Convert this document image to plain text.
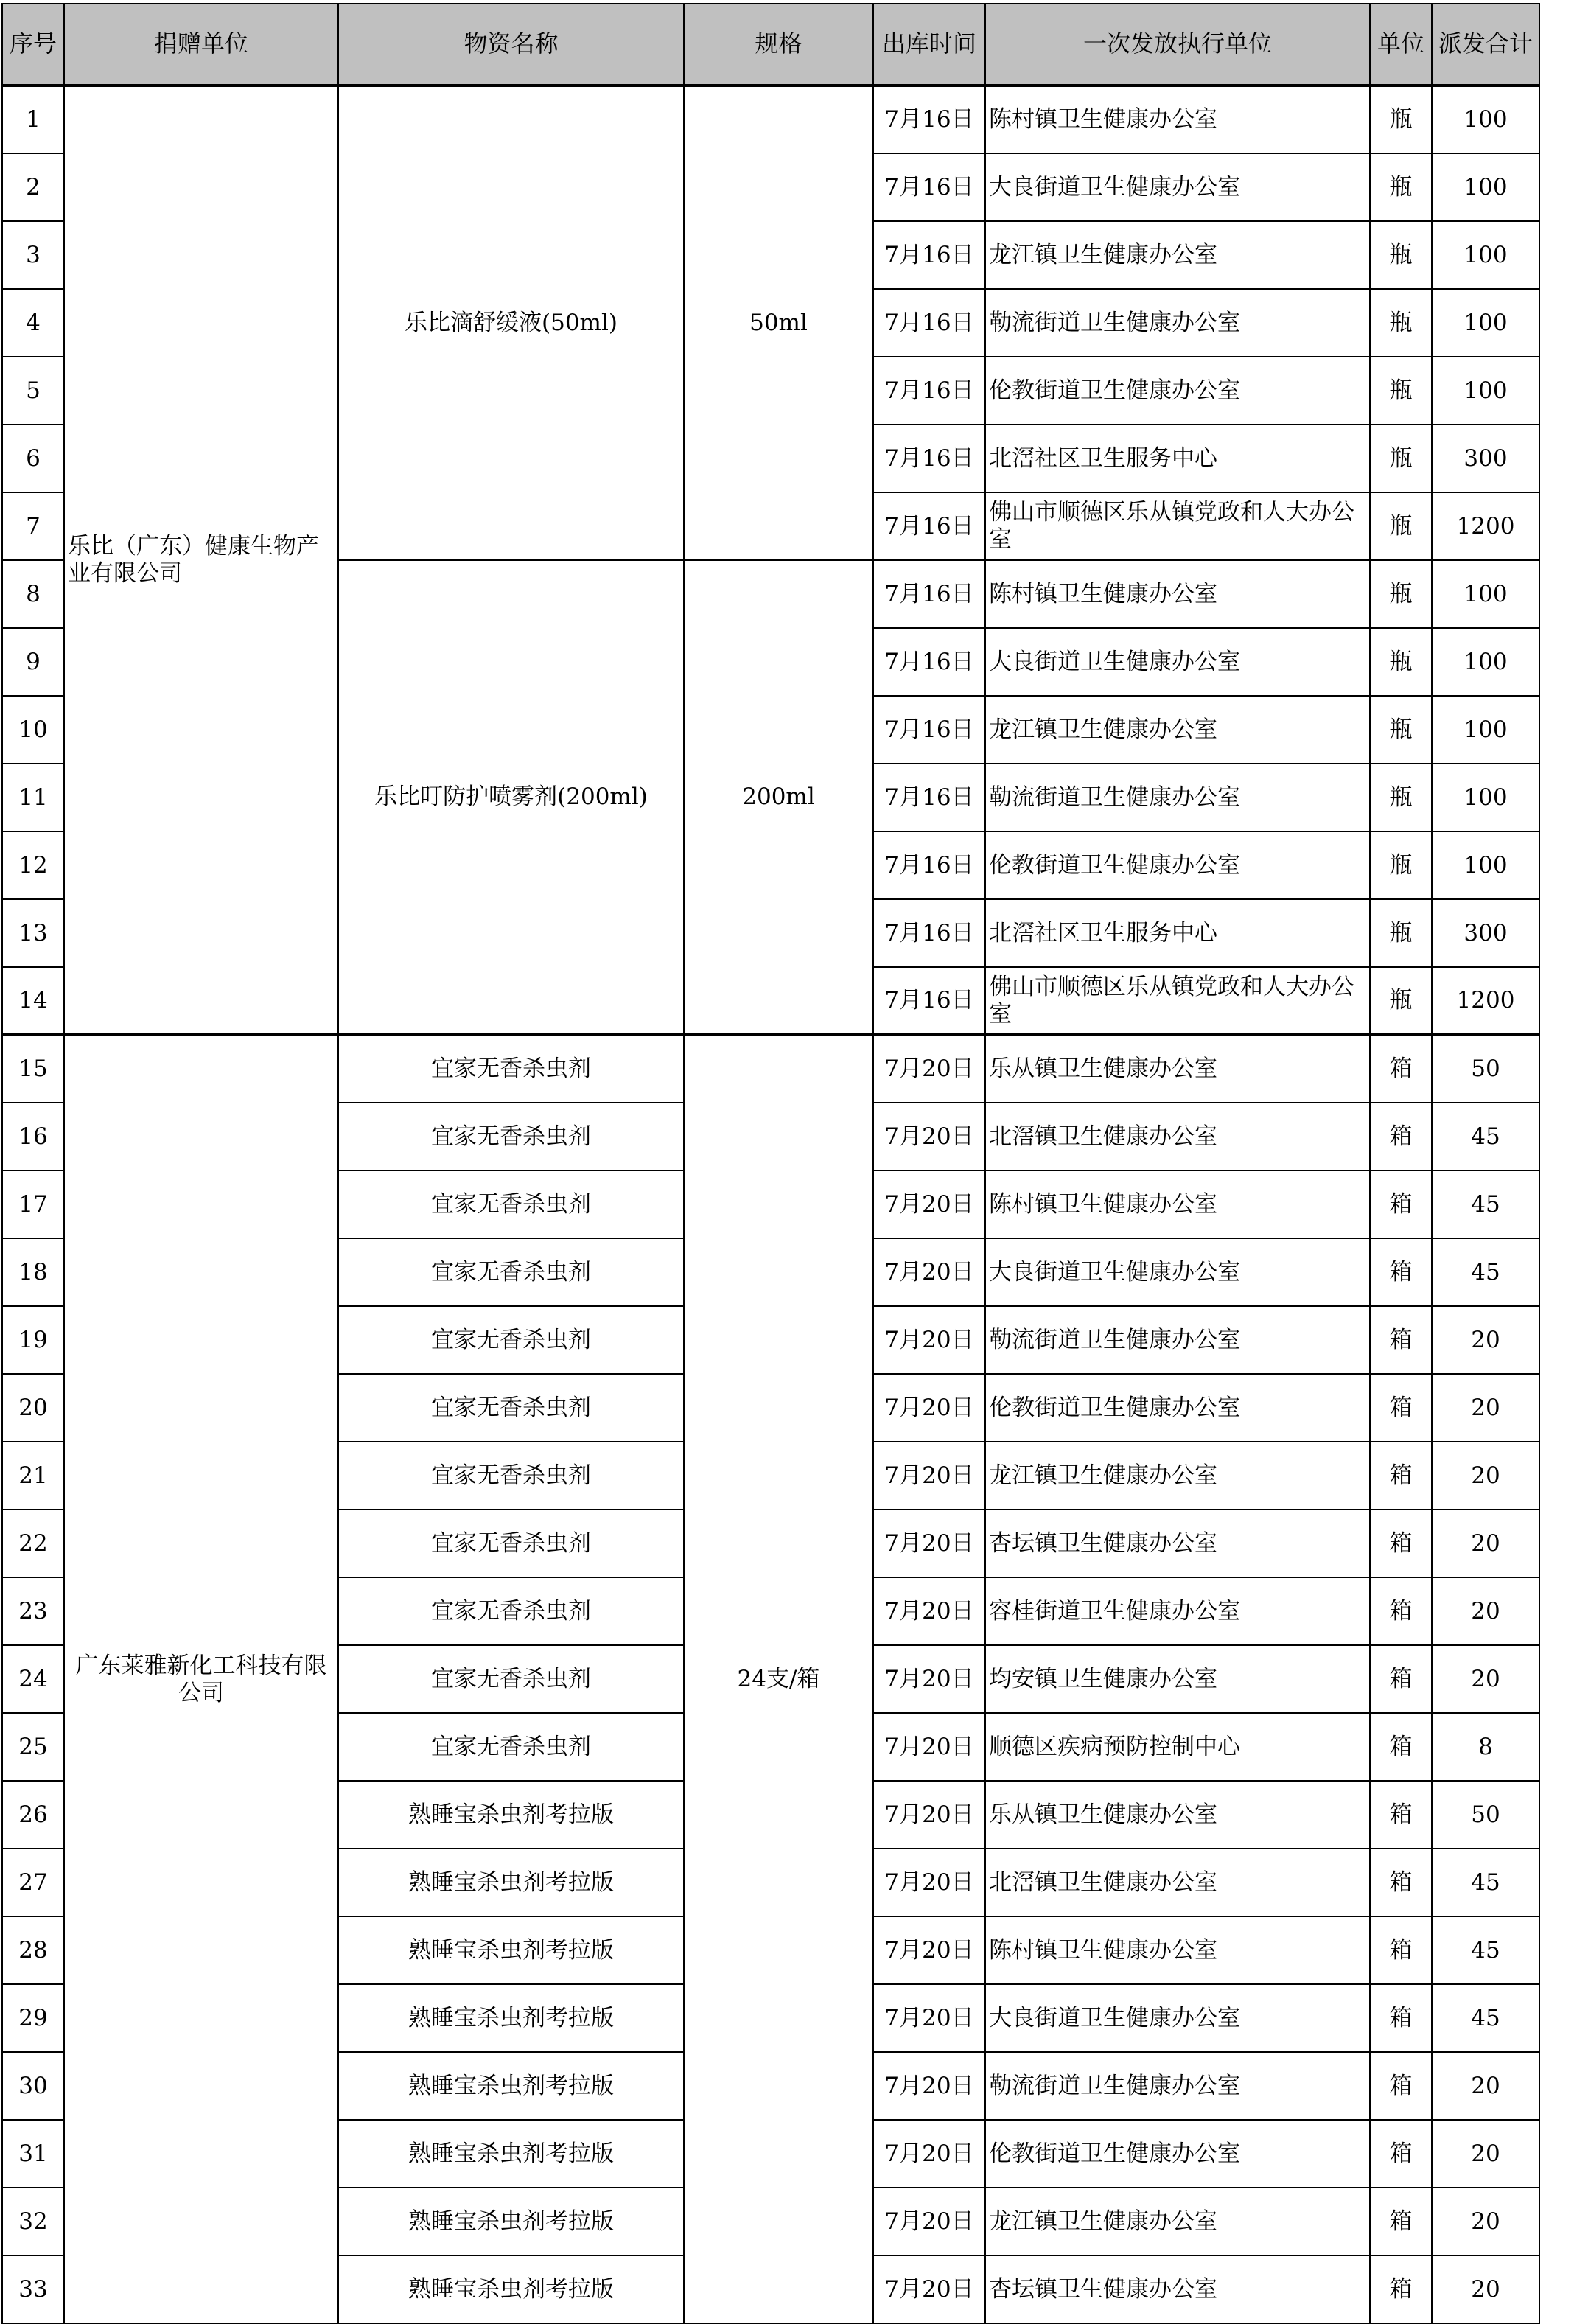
序号	捐赠单位	物资名称	规格	出库时间	一次发放执行单位	单位	派发合计
1	乐比（广东）健康生物产业有限公司	乐比滴舒缓液(50ml)	50ml	7月16日	陈村镇卫生健康办公室	瓶	100
2				7月16日	大良街道卫生健康办公室	瓶	100
3				7月16日	龙江镇卫生健康办公室	瓶	100
4				7月16日	勒流街道卫生健康办公室	瓶	100
5				7月16日	伦教街道卫生健康办公室	瓶	100
6				7月16日	北滘社区卫生服务中心	瓶	300
7				7月16日	佛山市顺德区乐从镇党政和人大办公室	瓶	1200
8		乐比叮防护喷雾剂(200ml)	200ml	7月16日	陈村镇卫生健康办公室	瓶	100
9				7月16日	大良街道卫生健康办公室	瓶	100
10				7月16日	龙江镇卫生健康办公室	瓶	100
11				7月16日	勒流街道卫生健康办公室	瓶	100
12				7月16日	伦教街道卫生健康办公室	瓶	100
13				7月16日	北滘社区卫生服务中心	瓶	300
14				7月16日	佛山市顺德区乐从镇党政和人大办公室	瓶	1200
15	广东莱雅新化工科技有限公司	宜家无香杀虫剂	24支/箱	7月20日	乐从镇卫生健康办公室	箱	50
16		宜家无香杀虫剂		7月20日	北滘镇卫生健康办公室	箱	45
17		宜家无香杀虫剂		7月20日	陈村镇卫生健康办公室	箱	45
18		宜家无香杀虫剂		7月20日	大良街道卫生健康办公室	箱	45
19		宜家无香杀虫剂		7月20日	勒流街道卫生健康办公室	箱	20
20		宜家无香杀虫剂		7月20日	伦教街道卫生健康办公室	箱	20
21		宜家无香杀虫剂		7月20日	龙江镇卫生健康办公室	箱	20
22		宜家无香杀虫剂		7月20日	杏坛镇卫生健康办公室	箱	20
23		宜家无香杀虫剂		7月20日	容桂街道卫生健康办公室	箱	20
24		宜家无香杀虫剂		7月20日	均安镇卫生健康办公室	箱	20
25		宜家无香杀虫剂		7月20日	顺德区疾病预防控制中心	箱	8
26		熟睡宝杀虫剂考拉版		7月20日	乐从镇卫生健康办公室	箱	50
27		熟睡宝杀虫剂考拉版		7月20日	北滘镇卫生健康办公室	箱	45
28		熟睡宝杀虫剂考拉版		7月20日	陈村镇卫生健康办公室	箱	45
29		熟睡宝杀虫剂考拉版		7月20日	大良街道卫生健康办公室	箱	45
30		熟睡宝杀虫剂考拉版		7月20日	勒流街道卫生健康办公室	箱	20
31		熟睡宝杀虫剂考拉版		7月20日	伦教街道卫生健康办公室	箱	20
32		熟睡宝杀虫剂考拉版		7月20日	龙江镇卫生健康办公室	箱	20
33		熟睡宝杀虫剂考拉版		7月20日	杏坛镇卫生健康办公室	箱	20
